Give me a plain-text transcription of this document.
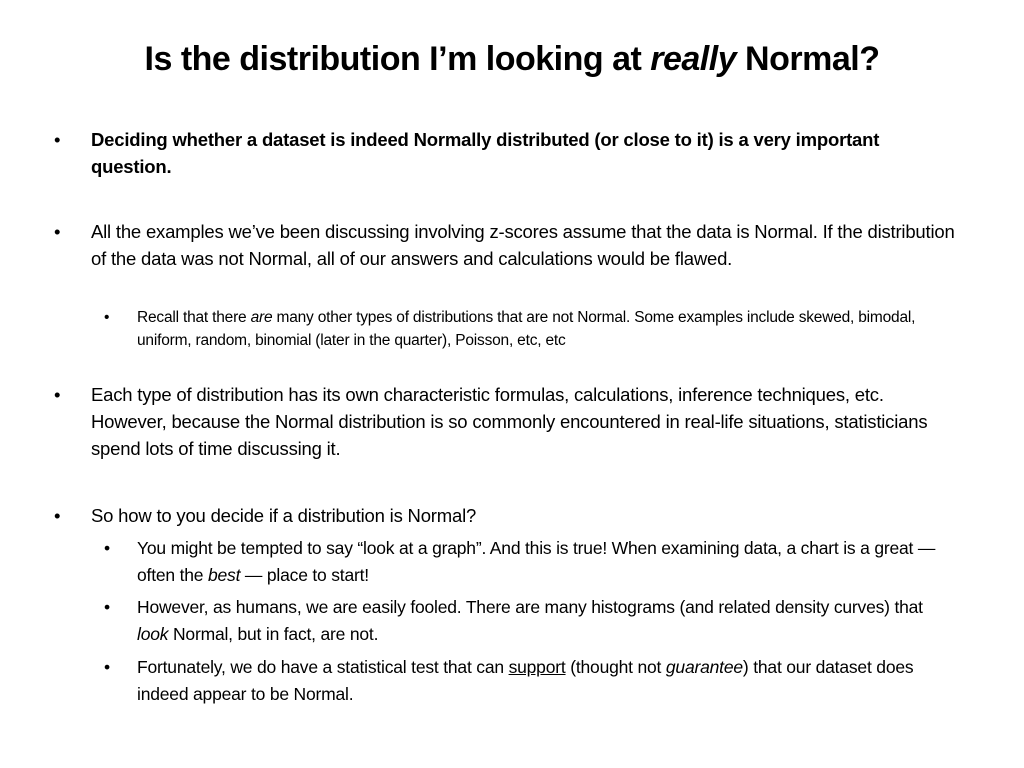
Is the distribution I’m looking at really Normal?
• Deciding whether a dataset is indeed Normally distributed (or close to it) is a very important question.
• All the examples we’ve been discussing involving z-scores assume that the data is Normal. If the distribution of the data was not Normal, all of our answers and calculations would be flawed.
• Recall that there are many other types of distributions that are not Normal. Some examples include skewed, bimodal, uniform, random, binomial (later in the quarter), Poisson, etc, etc
• Each type of distribution has its own characteristic formulas, calculations, inference techniques, etc. However, because the Normal distribution is so commonly encountered in real-life situations, statisticians spend lots of time discussing it.
• So how to you decide if a distribution is Normal?
• You might be tempted to say “look at a graph”. And this is true! When examining data, a chart is a great — often the best — place to start!
• However, as humans, we are easily fooled. There are many histograms (and related density curves) that look Normal, but in fact, are not.
• Fortunately, we do have a statistical test that can support (thought not guarantee) that our dataset does indeed appear to be Normal.
